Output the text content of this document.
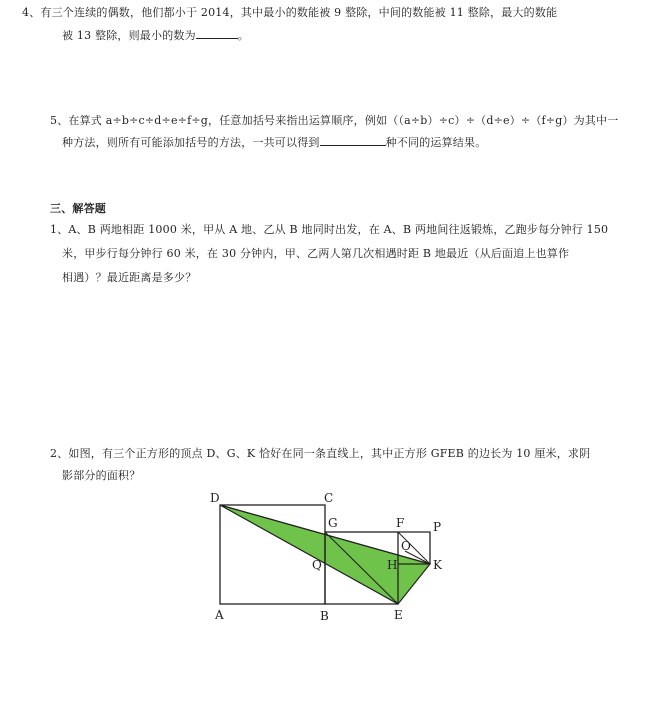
4、有三个连续的偶数，他们都小于 2014，其中最小的数能被 9 整除，中间的数能被 11 整除，最大的数能
被 13 整除，则最小的数为	。
5、在算式 a÷b÷c÷d÷e÷f÷g，任意加括号来指出运算顺序，例如（（a÷b）÷c）÷（d÷e）÷（f÷g）为其中一
种方法，则所有可能添加括号的方法，一共可以得到	种不同的运算结果。
三、解答题
1、A、B 两地相距 1000 米，甲从 A 地、乙从 B 地同时出发，在 A、B 两地间往返锻炼，乙跑步每分钟行 150
米，甲步行每分钟行 60 米，在 30 分钟内，甲、乙两人第几次相遇时距 B 地最近（从后面追上也算作
相遇）？最近距离是多少？
2、如图，有三个正方形的顶点 D、G、K 恰好在同一条直线上，其中正方形 GFEB 的边长为 10 厘米，求阴
影部分的面积？
D	C
G	F P
O
Q	H	K
A	B	E
